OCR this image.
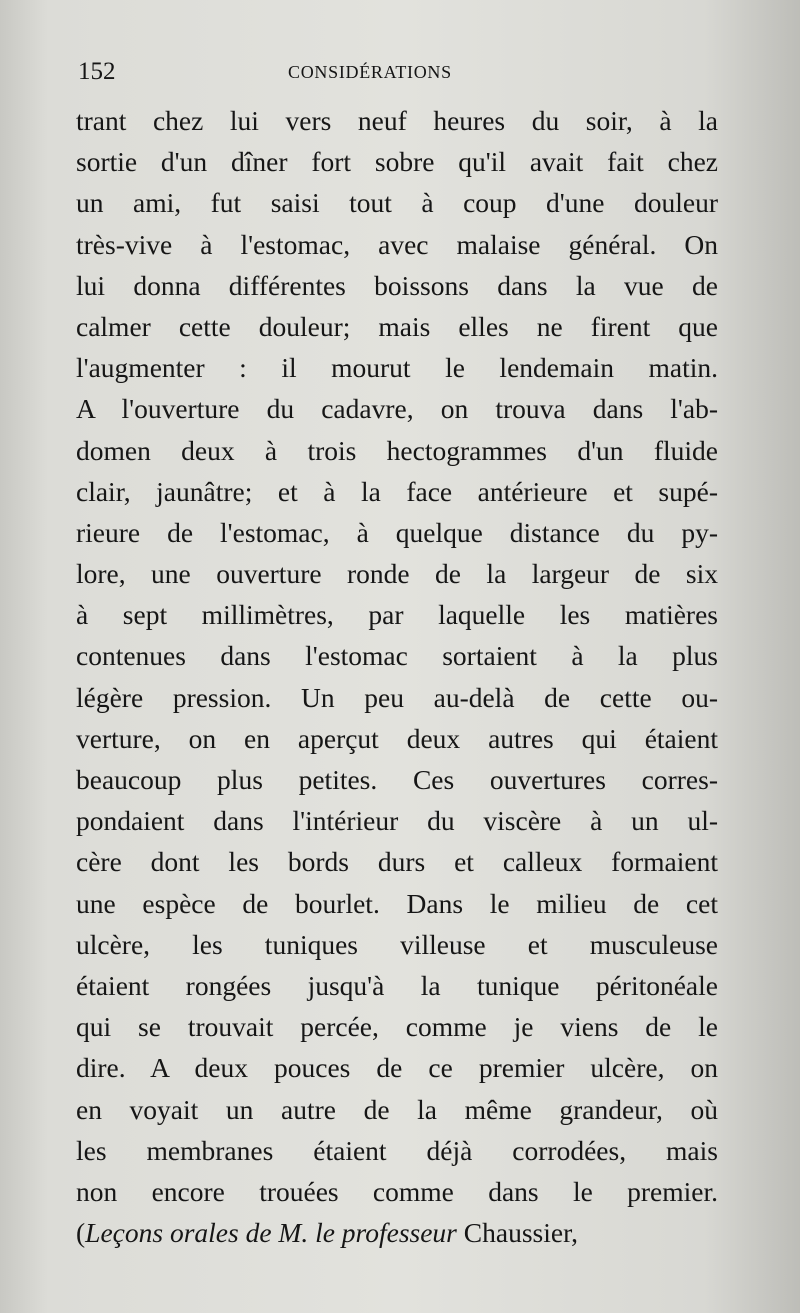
152	CONSIDÉRATIONS
trant chez lui vers neuf heures du soir, à la
sortie d'un dîner fort sobre qu'il avait fait chez
un ami, fut saisi tout à coup d'une douleur
très-vive à l'estomac, avec malaise général. On
lui donna différentes boissons dans la vue de
calmer cette douleur; mais elles ne firent que
l'augmenter : il mourut le lendemain matin.
A l'ouverture du cadavre, on trouva dans l'ab-
domen deux à trois hectogrammes d'un fluide
clair, jaunâtre; et à la face antérieure et supé-
rieure de l'estomac, à quelque distance du py-
lore, une ouverture ronde de la largeur de six
à sept millimètres, par laquelle les matières
contenues dans l'estomac sortaient à la plus
légère pression. Un peu au-delà de cette ou-
verture, on en aperçut deux autres qui étaient
beaucoup plus petites. Ces ouvertures corres-
pondaient dans l'intérieur du viscère à un ul-
cère dont les bords durs et calleux formaient
une espèce de bourlet. Dans le milieu de cet
ulcère, les tuniques villeuse et musculeuse
étaient rongées jusqu'à la tunique péritonéale
qui se trouvait percée, comme je viens de le
dire. A deux pouces de ce premier ulcère, on
en voyait un autre de la même grandeur, où
les membranes étaient déjà corrodées, mais
non encore trouées comme dans le premier.
(Leçons orales de M. le professeur Chaussier,
